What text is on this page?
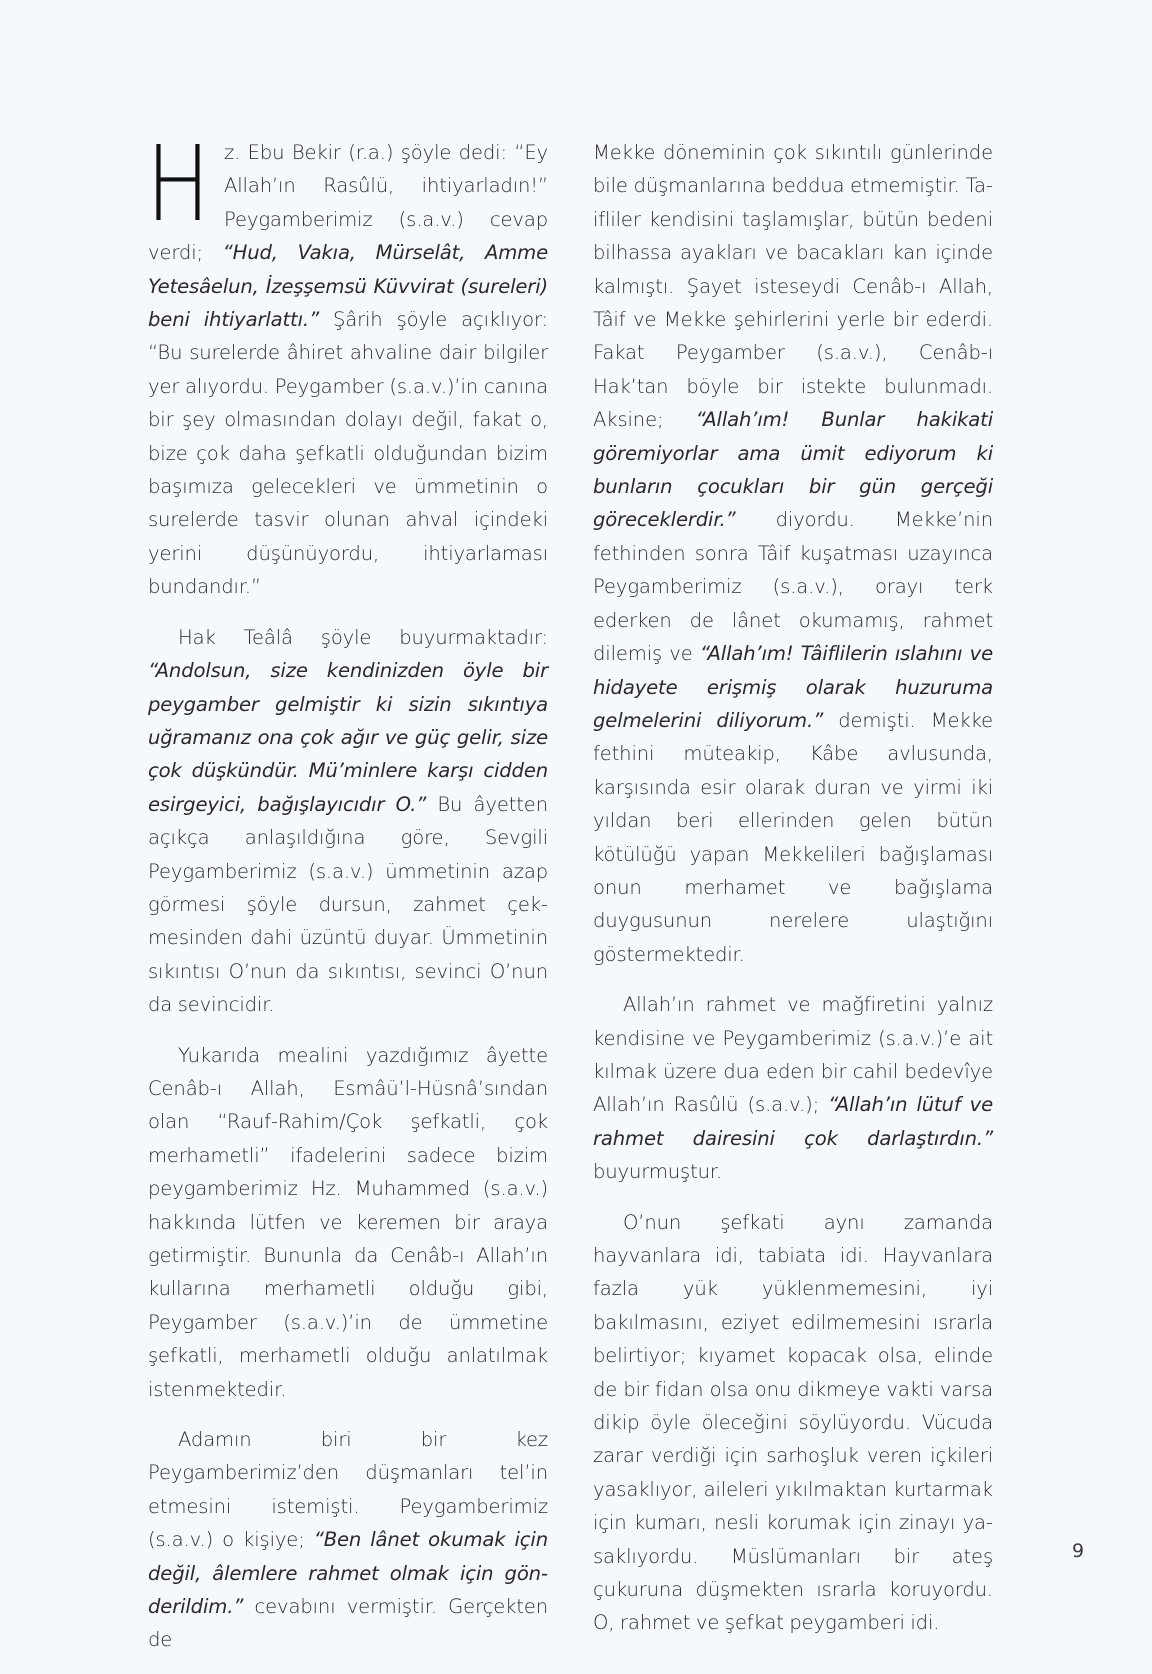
Hz. Ebu Bekir (r.a.) şöyle dedi: “Ey Allah’ın Rasûlü, ihtiyarladın!” Peygamberimiz (s.a.v.) cevap verdi; “Hud, Vakıa, Mürselât, Amme Yetesâelun, İzeşşemsü Küvvirat (sureleri) beni ihtiyarlattı.” Şârih şöyle açıklıyor: “Bu surelerde âhiret ahvaline dair bilgiler yer alıyordu. Peygamber (s.a.v.)’in canına bir şey olmasından dolayı değil, fakat o, bize çok daha şefkatli olduğundan bizim başımıza gelecekleri ve ümmetinin o surelerde tasvir olunan ahval içindeki yerini düşünüyordu, ihtiyarlaması bundandır.”

Hak Teâlâ şöyle buyurmaktadır: “Andolsun, size kendinizden öyle bir peygamber gelmiştir ki sizin sıkıntıya uğramanız ona çok ağır ve güç gelir, size çok düşkündür. Mü’minlere karşı cidden esirgeyici, bağışlayıcıdır O.” Bu âyetten açıkça anlaşıldığına göre, Sevgili Peygamberimiz (s.a.v.) ümmetinin azap görmesi şöyle dursun, zahmet çekmesinden dahi üzüntü duyar. Ümmetinin sıkıntısı O’nun da sıkıntısı, sevinci O’nun da sevincidir.

Yukarıda mealini yazdığımız âyette Cenâb-ı Allah, Esmâü’l-Hüsnâ’sından olan “Rauf-Rahim/Çok şefkatli, çok merhametli” ifadelerini sadece bizim peygamberimiz Hz. Muhammed (s.a.v.) hakkında lütfen ve keremen bir araya getirmiştir. Bununla da Cenâb-ı Allah’ın kullarına merhametli olduğu gibi, Peygamber (s.a.v.)’in de ümmetine şefkatli, merhametli olduğu anlatılmak istenmektedir.

Adamın biri bir kez Peygamberimiz’den düşmanları tel’in etmesini istemişti. Peygamberimiz (s.a.v.) o kişiye; “Ben lânet okumak için değil, âlemlere rahmet olmak için gönderildim.” cevabını vermiştir. Gerçekten de

Mekke döneminin çok sıkıntılı günlerinde bile düşmanlarına beddua etmemiştir. Taifliler kendisini taşlamışlar, bütün bedeni bilhassa ayakları ve bacakları kan içinde kalmıştı. Şayet isteseydi Cenâb-ı Allah, Tâif ve Mekke şehirlerini yerle bir ederdi. Fakat Peygamber (s.a.v.), Cenâb-ı Hak’tan böyle bir istekte bulunmadı. Aksine; “Allah’ım! Bunlar hakikati göremiyorlar ama ümit ediyorum ki bunların çocukları bir gün gerçeği göreceklerdir.” diyordu. Mekke’nin fethinden sonra Tâif kuşatması uzayınca Peygamberimiz (s.a.v.), orayı terk ederken de lânet okumamış, rahmet dilemiş ve “Allah’ım! Tâiflilerin ıslahını ve hidayete erişmiş olarak huzuruma gelmelerini diliyorum.” demişti. Mekke fethini müteakip, Kâbe avlusunda, karşısında esir olarak duran ve yirmi iki yıldan beri ellerinden gelen bütün kötülüğü yapan Mekkelileri bağışlaması onun merhamet ve bağışlama duygusunun nerelere ulaştığını göstermektedir.

Allah’ın rahmet ve mağfiretini yalnız kendisine ve Peygamberimiz (s.a.v.)’e ait kılmak üzere dua eden bir cahil bedevîye Allah’ın Rasûlü (s.a.v.); “Allah’ın lütuf ve rahmet dairesini çok darlaştırdın.” buyurmuştur.

O’nun şefkati aynı zamanda hayvanlara idi, tabiata idi. Hayvanlara fazla yük yüklenmemesini, iyi bakılmasını, eziyet edilmemesini ısrarla belirtiyor; kıyamet kopacak olsa, elinde de bir fidan olsa onu dikmeye vakti varsa dikip öyle öleceğini söylüyordu. Vücuda zarar verdiği için sarhoşluk veren içkileri yasaklıyor, aileleri yıkılmaktan kurtarmak için kumarı, nesli korumak için zinayı yasaklıyordu. Müslümanları bir ateş çukuruna düşmekten ısrarla koruyordu. O, rahmet ve şefkat peygamberi idi.

9
